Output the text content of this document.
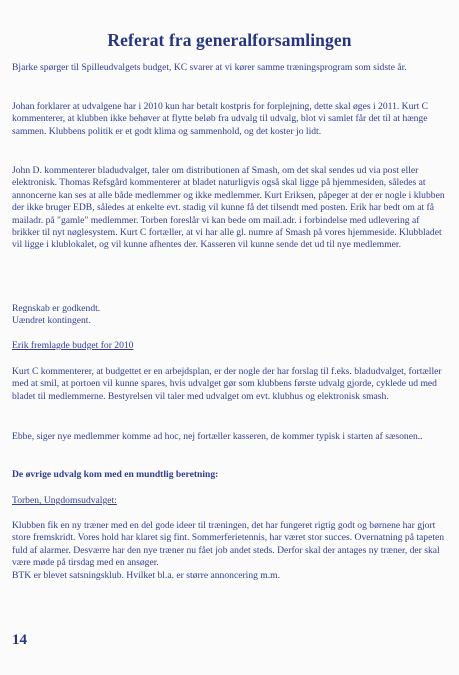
Referat fra generalforsamlingen
Bjarke spørger til Spilleudvalgets budget, KC svarer at vi kører samme træningsprogram som sidste år.
Johan forklarer at udvalgene har i 2010 kun har betalt kostpris for forplejning, dette skal øges i 2011. Kurt C kommenterer, at klubben ikke behøver at flytte beløb fra udvalg til udvalg, blot vi samlet får det til at hænge sammen. Klubbens politik er et godt klima og sammenhold, og det koster jo lidt.
John D. kommenterer bladudvalget, taler om distributionen af Smash, om det skal sendes ud via post eller elektronisk. Thomas Refsgård kommenterer at bladet naturligvis også skal ligge på hjemmesiden, således at annoncerne kan ses at alle både medlemmer og ikke medlemmer. Kurt Eriksen, påpeger at der er nogle i klubben der ikke bruger EDB, således at enkelte evt. stadig vil kunne få det tilsendt med posten. Erik har bedt om at få mailadr. på "gamle" medlemmer. Torben foreslår vi kan bede om mail.adr. i forbindelse med udlevering af brikker til nyt nøglesystem. Kurt C fortæller, at vi har alle gl. numre af Smash på vores hjemmeside. Klubbladet vil ligge i klublokalet, og vil kunne afhentes der. Kasseren vil kunne sende det ud til nye medlemmer.
Regnskab er godkendt.
Uændret kontingent.
Erik fremlagde budget for 2010
Kurt C kommenterer, at budgettet er en arbejdsplan, er der nogle der har forslag til f.eks. bladudvalget, fortæller med at smil, at portoen vil kunne spares, hvis udvalget gør som klubbens første udvalg gjorde, cyklede ud med bladet til medlemmerne. Bestyrelsen vil taler med udvalget om evt. klubhus og elektronisk smash.
Ebbe, siger nye medlemmer komme ad hoc, nej fortæller kasseren, de kommer typisk i starten af sæsonen..
De øvrige udvalg kom med en mundtlig beretning:
Torben, Ungdomsudvalget:
Klubben fik en ny træner med en del gode ideer til træningen, det har fungeret rigtig godt og børnene har gjort store fremskridt. Vores hold har klaret sig fint. Sommerferietennis, har været stor succes. Overnatning på tapeten fuld af alarmer. Desværre har den nye træner nu fået job andet steds. Derfor skal der antages ny træner, der skal være møde på tirsdag med en ansøger.
BTK er blevet satsningsklub. Hvilket bl.a. er større annoncering m.m.
14
